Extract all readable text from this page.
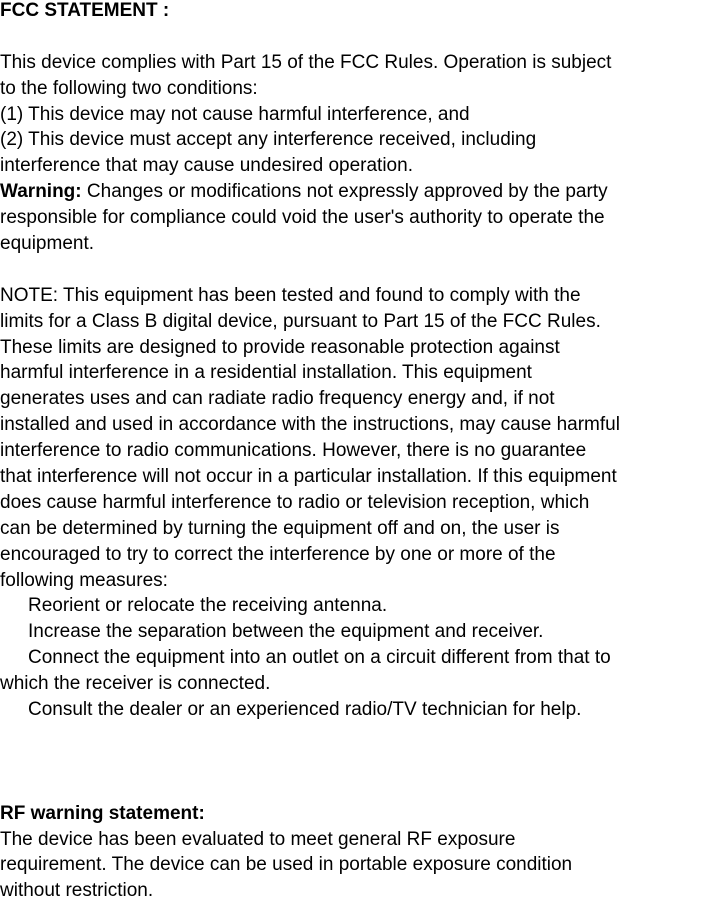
FCC STATEMENT :
This device complies with Part 15 of the FCC Rules. Operation is subject
to the following two conditions:
(1) This device may not cause harmful interference, and
(2) This device must accept any interference received, including
interference that may cause undesired operation.
Warning: Changes or modifications not expressly approved by the party
responsible for compliance could void the user's authority to operate the
equipment.
NOTE: This equipment has been tested and found to comply with the
limits for a Class B digital device, pursuant to Part 15 of the FCC Rules.
These limits are designed to provide reasonable protection against
harmful interference in a residential installation. This equipment
generates uses and can radiate radio frequency energy and, if not
installed and used in accordance with the instructions, may cause harmful
interference to radio communications. However, there is no guarantee
that interference will not occur in a particular installation. If this equipment
does cause harmful interference to radio or television reception, which
can be determined by turning the equipment off and on, the user is
encouraged to try to correct the interference by one or more of the
following measures:
Reorient or relocate the receiving antenna.
Increase the separation between the equipment and receiver.
Connect the equipment into an outlet on a circuit different from that to
which the receiver is connected.
Consult the dealer or an experienced radio/TV technician for help.
RF warning statement:
The device has been evaluated to meet general RF exposure
requirement. The device can be used in portable exposure condition
without restriction.
